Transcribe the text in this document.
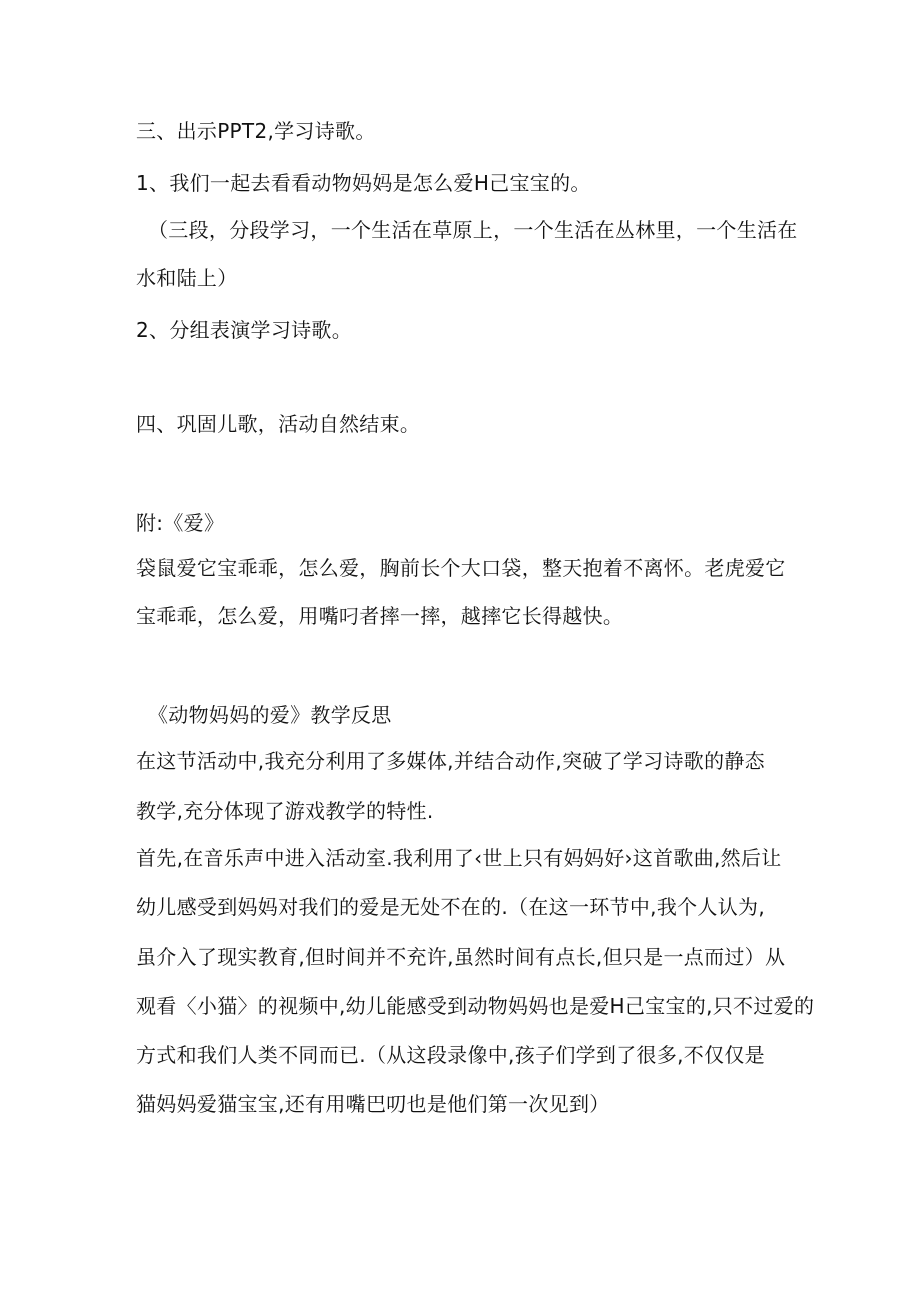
三、出示PPT2,学习诗歌。
1、我们一起去看看动物妈妈是怎么爱H己宝宝的。
（三段，分段学习，一个生活在草原上，一个生活在丛林里，一个生活在
水和陆上）
2、分组表演学习诗歌。
四、巩固儿歌，活动自然结束。
附:《爱》
袋鼠爱它宝乖乖，怎么爱，胸前长个大口袋，整天抱着不离怀。老虎爱它
宝乖乖，怎么爱，用嘴叼者摔一摔，越摔它长得越快。
《动物妈妈的爱》教学反思
在这节活动中,我充分利用了多媒体,并结合动作,突破了学习诗歌的静态
教学,充分体现了游戏教学的特性.
首先,在音乐声中进入活动室.我利用了‹世上只有妈妈好›这首歌曲,然后让
幼儿感受到妈妈对我们的爱是无处不在的.（在这一环节中,我个人认为,
虽介入了现实教育,但时间并不充许,虽然时间有点长,但只是一点而过）从
观看〈小猫〉的视频中,幼儿能感受到动物妈妈也是爱H己宝宝的,只不过爱的
方式和我们人类不同而已.（从这段录像中,孩子们学到了很多,不仅仅是
猫妈妈爱猫宝宝,还有用嘴巴叨也是他们第一次见到）
